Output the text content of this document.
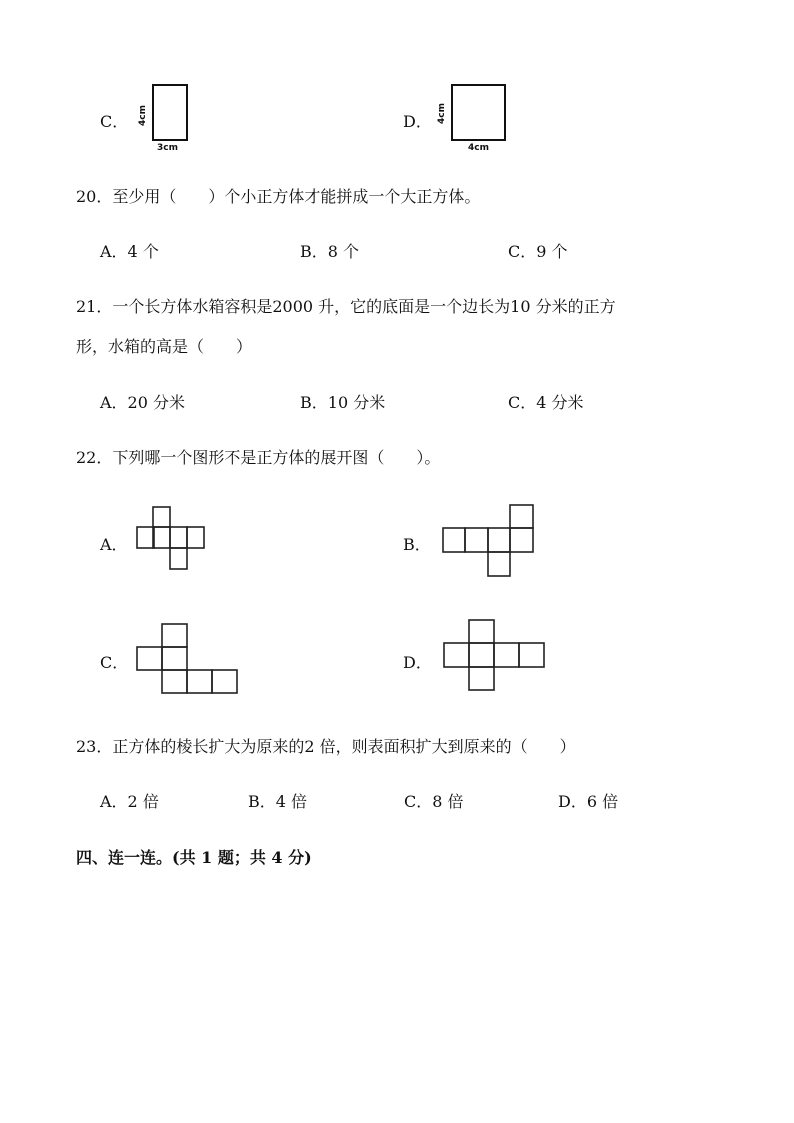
C． 4cm
3cm
D． 4cm
4cm
20．至少用（　　）个小正方体才能拼成一个大正方体。
A．4 个	B．8 个	C．9 个
21．一个长方体水箱容积是2000 升，它的底面是一个边长为10 分米的正方
形，水箱的高是（　　）
A．20 分米	B．10 分米	C．4 分米
22．下列哪一个图形不是正方体的展开图（　　）。
A．	B．
C．	D．
23．正方体的棱长扩大为原来的2 倍，则表面积扩大到原来的（　　）
A．2 倍	B．4 倍	C．8 倍	D．6 倍
四、连一连。(共 1 题；共 4 分)
